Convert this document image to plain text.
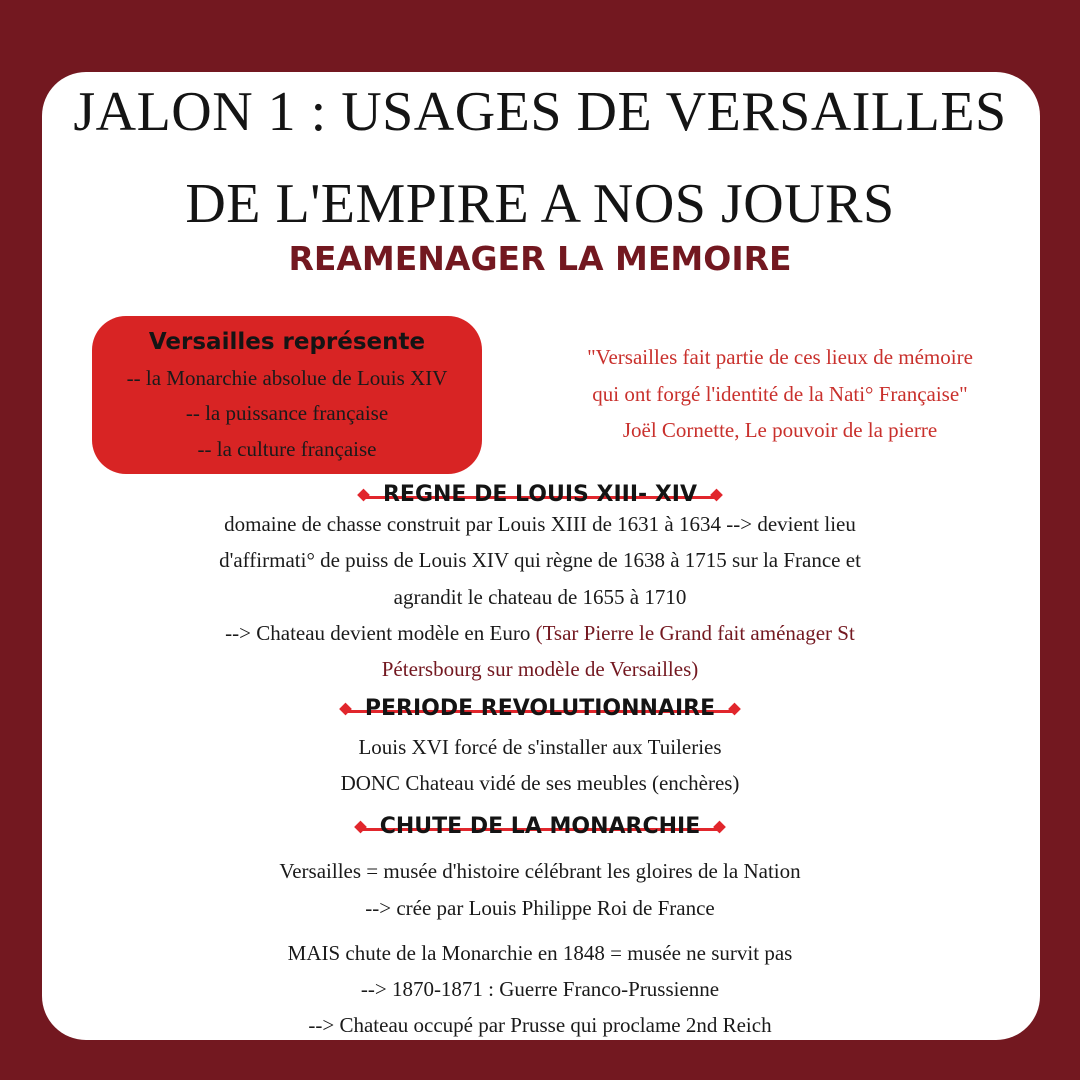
JALON 1 : USAGES DE VERSAILLES
DE L'EMPIRE A NOS JOURS
REAMENAGER LA MEMOIRE
Versailles représente
-- la Monarchie absolue de Louis XIV
-- la puissance française
-- la culture française
"Versailles fait partie de ces lieux de mémoire
qui ont forgé l'identité de la Nati° Française"
Joël Cornette, Le pouvoir de la pierre
REGNE DE LOUIS XIII- XIV
domaine de chasse construit par Louis XIII de 1631 à 1634 --> devient lieu
d'affirmati° de puiss de Louis XIV qui règne de 1638 à 1715 sur la France et
agrandit le chateau de 1655 à 1710
--> Chateau devient modèle en Euro (Tsar Pierre le Grand fait aménager St
Pétersbourg sur modèle de Versailles)
PERIODE REVOLUTIONNAIRE
Louis XVI forcé de s'installer aux Tuileries
DONC Chateau vidé de ses meubles (enchères)
CHUTE DE LA MONARCHIE
Versailles = musée d'histoire célébrant les gloires de la Nation
--> crée par Louis Philippe Roi de France
MAIS chute de la Monarchie en 1848 = musée ne survit pas
--> 1870-1871 : Guerre Franco-Prussienne
--> Chateau occupé par Prusse qui proclame 2nd Reich
